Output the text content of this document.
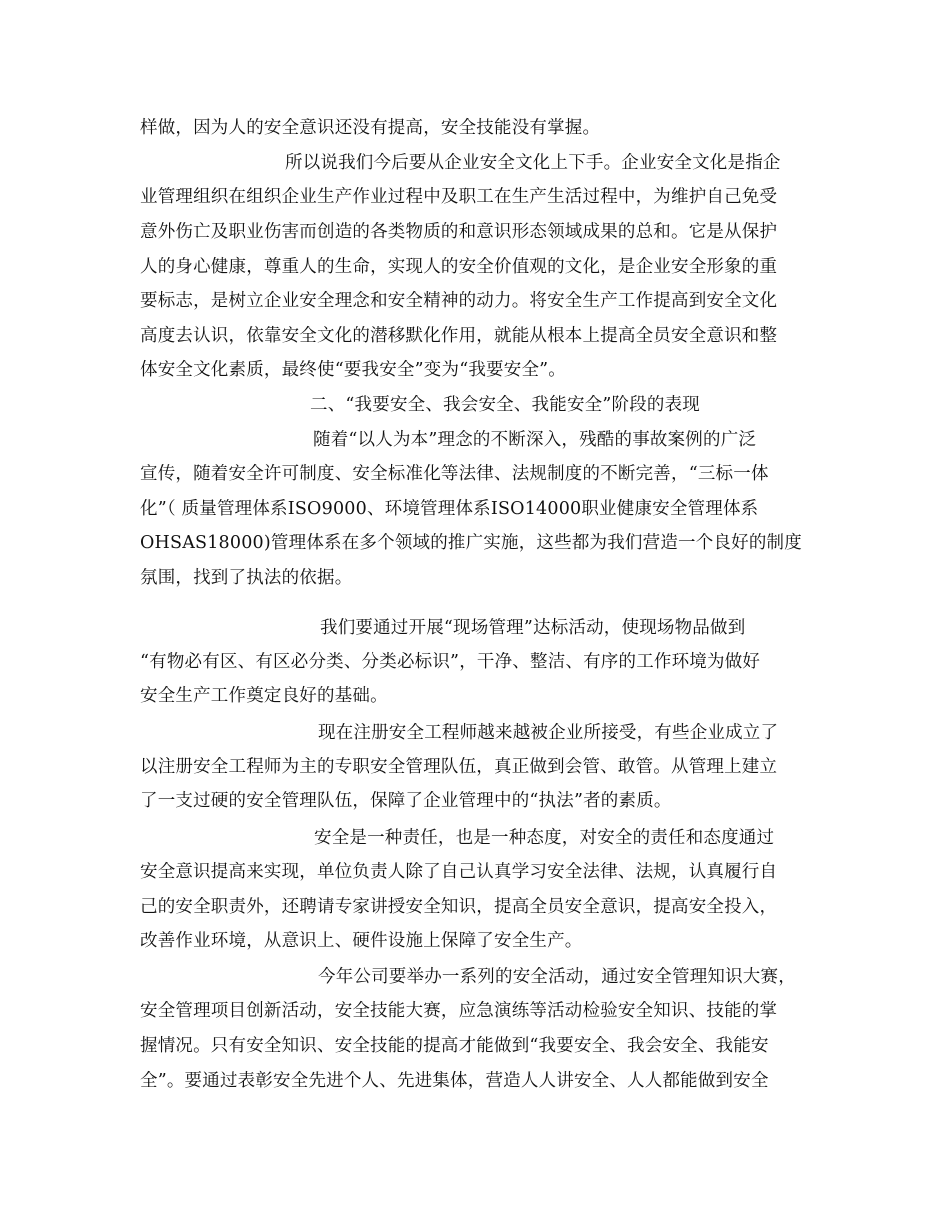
样做，因为人的安全意识还没有提高，安全技能没有掌握。
所以说我们今后要从企业安全文化上下手。企业安全文化是指企
业管理组织在组织企业生产作业过程中及职工在生产生活过程中，为维护自己免受
意外伤亡及职业伤害而创造的各类物质的和意识形态领域成果的总和。它是从保护
人的身心健康，尊重人的生命，实现人的安全价值观的文化，是企业安全形象的重
要标志，是树立企业安全理念和安全精神的动力。将安全生产工作提高到安全文化
高度去认识，依靠安全文化的潜移默化作用，就能从根本上提高全员安全意识和整
体安全文化素质，最终使“要我安全”变为“我要安全”。
二、“我要安全、我会安全、我能安全”阶段的表现
随着“以人为本”理念的不断深入，残酷的事故案例的广泛
宣传，随着安全许可制度、安全标准化等法律、法规制度的不断完善，“三标一体
化”（ 质量管理体系ISO9000、环境管理体系ISO14000职业健康安全管理体系
OHSAS18000)管理体系在多个领域的推广实施，这些都为我们营造一个良好的制度
氛围，找到了执法的依据。
我们要通过开展“现场管理”达标活动，使现场物品做到
“有物必有区、有区必分类、分类必标识”，干净、整洁、有序的工作环境为做好
安全生产工作奠定良好的基础。
现在注册安全工程师越来越被企业所接受，有些企业成立了
以注册安全工程师为主的专职安全管理队伍，真正做到会管、敢管。从管理上建立
了一支过硬的安全管理队伍，保障了企业管理中的“执法”者的素质。
安全是一种责任，也是一种态度，对安全的责任和态度通过
安全意识提高来实现，单位负责人除了自己认真学习安全法律、法规，认真履行自
己的安全职责外，还聘请专家讲授安全知识，提高全员安全意识，提高安全投入，
改善作业环境，从意识上、硬件设施上保障了安全生产。
今年公司要举办一系列的安全活动，通过安全管理知识大赛，
安全管理项目创新活动，安全技能大赛，应急演练等活动检验安全知识、技能的掌
握情况。只有安全知识、安全技能的提高才能做到“我要安全、我会安全、我能安
全”。要通过表彰安全先进个人、先进集体，营造人人讲安全、人人都能做到安全
